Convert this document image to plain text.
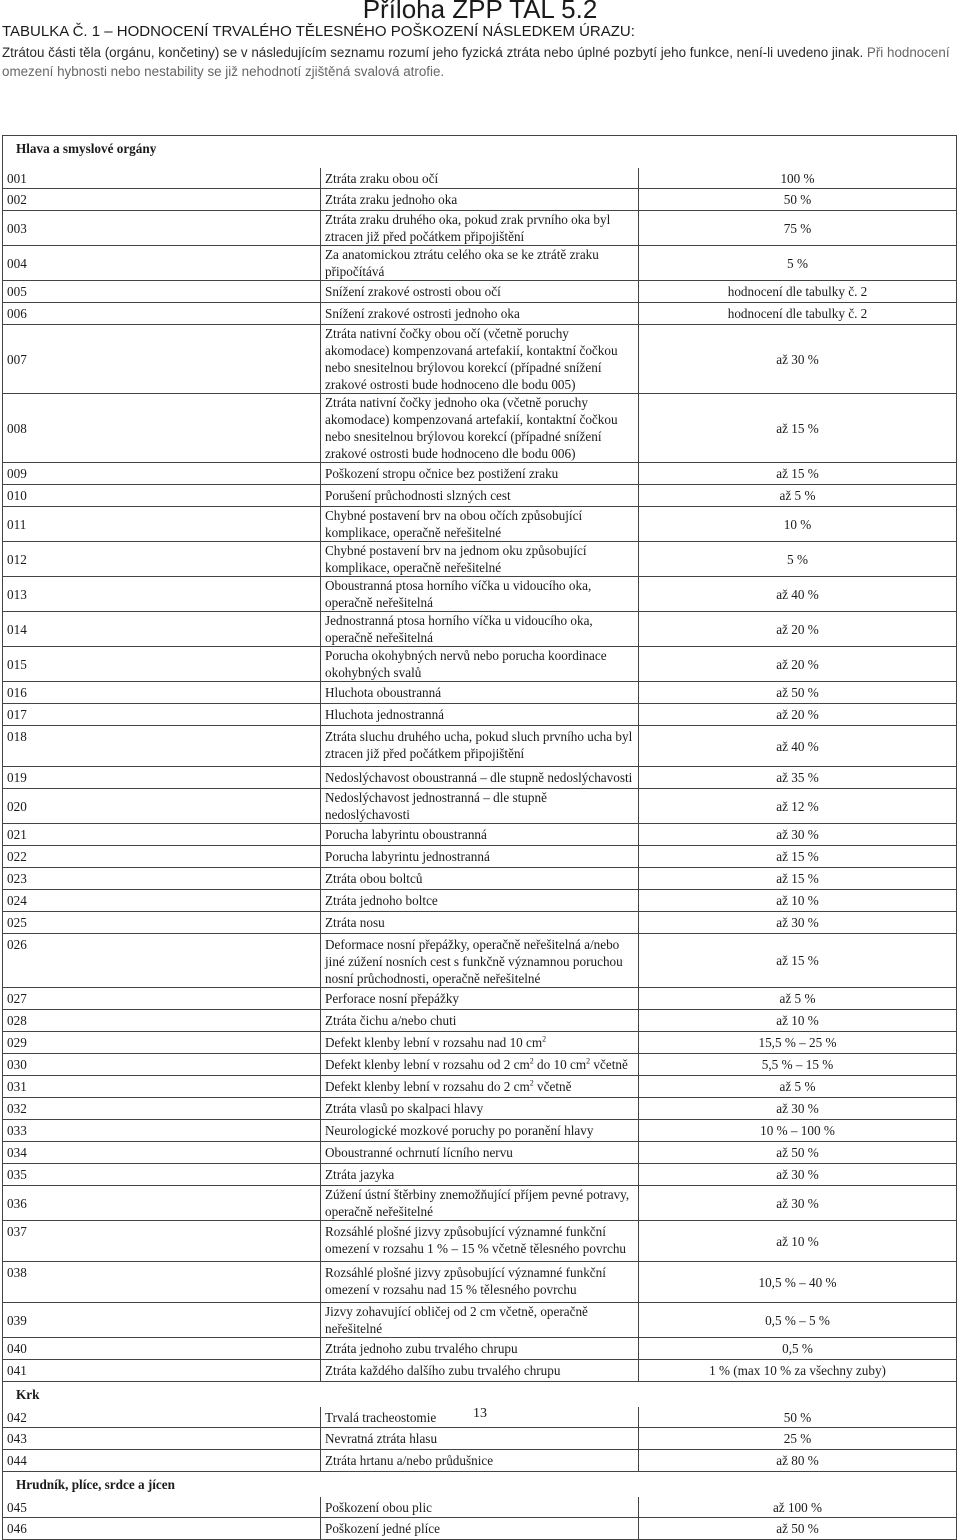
Příloha ZPP TAL 5.2
TABULKA Č. 1 – HODNOCENÍ TRVALÉHO TĚLESNÉHO POŠKOZENÍ NÁSLEDKEM ÚRAZU:
Ztrátou části těla (orgánu, končetiny) se v následujícím seznamu rozumí jeho fyzická ztráta nebo úplné pozbytí jeho funkce, není-li uvedeno jinak. Při hodnocení omezení hybnosti nebo nestability se již nehodnotí zjištěná svalová atrofie.
Hlava a smyslové orgány		

001	Ztráta zraku obou očí	100 %
002	Ztráta zraku jednoho oka	50 %
003	Ztráta zraku druhého oka, pokud zrak prvního oka byl ztracen již před počátkem připojištění	75 %
004	Za anatomickou ztrátu celého oka se ke ztrátě zraku připočítává	5 %
005	Snížení zrakové ostrosti obou očí	hodnocení dle tabulky č. 2
006	Snížení zrakové ostrosti jednoho oka	hodnocení dle tabulky č. 2
007	Ztráta nativní čočky obou očí (včetně poruchy akomodace) kompenzovaná artefakií, kontaktní čočkou nebo snesitelnou brýlovou korekcí (případné snížení zrakové ostrosti bude hodnoceno dle bodu 005)	až 30 %
008	Ztráta nativní čočky jednoho oka (včetně poruchy akomodace) kompenzovaná artefakií, kontaktní čočkou nebo snesitelnou brýlovou korekcí (případné snížení zrakové ostrosti bude hodnoceno dle bodu 006)	až 15 %
009	Poškození stropu očnice bez postižení zraku	až 15 %
010	Porušení průchodnosti slzných cest	až 5 %
011	Chybné postavení brv na obou očích způsobující komplikace, operačně neřešitelné	10 %
012	Chybné postavení brv na jednom oku způsobující komplikace, operačně neřešitelné	5 %
013	Oboustranná ptosa horního víčka u vidoucího oka, operačně neřešitelná	až 40 %
014	Jednostranná ptosa horního víčka u vidoucího oka, operačně neřešitelná	až 20 %
015	Porucha okohybných nervů nebo porucha koordinace okohybných svalů	až 20 %
016	Hluchota oboustranná	až 50 %
017	Hluchota jednostranná	až 20 %
018	Ztráta sluchu druhého ucha, pokud sluch prvního ucha byl ztracen již před počátkem připojištění	až 40 %
019	Nedoslýchavost oboustranná – dle stupně nedoslýchavosti	až 35 %
020	Nedoslýchavost jednostranná – dle stupně nedoslýchavosti	až 12 %
021	Porucha labyrintu oboustranná	až 30 %
022	Porucha labyrintu jednostranná	až 15 %
023	Ztráta obou boltců	až 15 %
024	Ztráta jednoho boltce	až 10 %
025	Ztráta nosu	až 30 %
026	Deformace nosní přepážky, operačně neřešitelná a/nebo jiné zúžení nosních cest s funkčně významnou poruchou nosní průchodnosti, operačně neřešitelné	až 15 %
027	Perforace nosní přepážky	až 5 %
028	Ztráta čichu a/nebo chuti	až 10 %
029	Defekt klenby lební v rozsahu nad 10 $cm^2$	15,5 % – 25 %
030	Defekt klenby lební v rozsahu od 2 $cm^2$ do 10 $cm^2$ včetně	5,5 % – 15 %
031	Defekt klenby lební v rozsahu do 2 $cm^2$ včetně	až 5 %
032	Ztráta vlasů po skalpaci hlavy	až 30 %
033	Neurologické mozkové poruchy po poranění hlavy	10 % – 100 %
034	Oboustranné ochrnutí lícního nervu	až 50 %
035	Ztráta jazyka	až 30 %
036	Zúžení ústní štěrbiny znemožňující příjem pevné potravy, operačně neřešitelné	až 30 %
037	Rozsáhlé plošné jizvy způsobující významné funkční omezení v rozsahu 1 % – 15 % včetně tělesného povrchu	až 10 %
038	Rozsáhlé plošné jizvy způsobující významné funkční omezení v rozsahu nad 15 % tělesného povrchu	10,5 % – 40 %
039	Jizvy zohavující obličej od 2 cm včetně, operačně neřešitelné	0,5 % – 5 %
040	Ztráta jednoho zubu trvalého chrupu	0,5 %
041	Ztráta každého dalšího zubu trvalého chrupu	1 % (max 10 % za všechny zuby)
Krk		
042	Trvalá tracheostomie	50 %
043	Nevratná ztráta hlasu	25 %
044	Ztráta hrtanu a/nebo průdušnice	až 80 %
Hrudník, plíce, srdce a jícen		
045	Poškození obou plic	až 100 %
046	Poškození jedné plíce	až 50 %
13
